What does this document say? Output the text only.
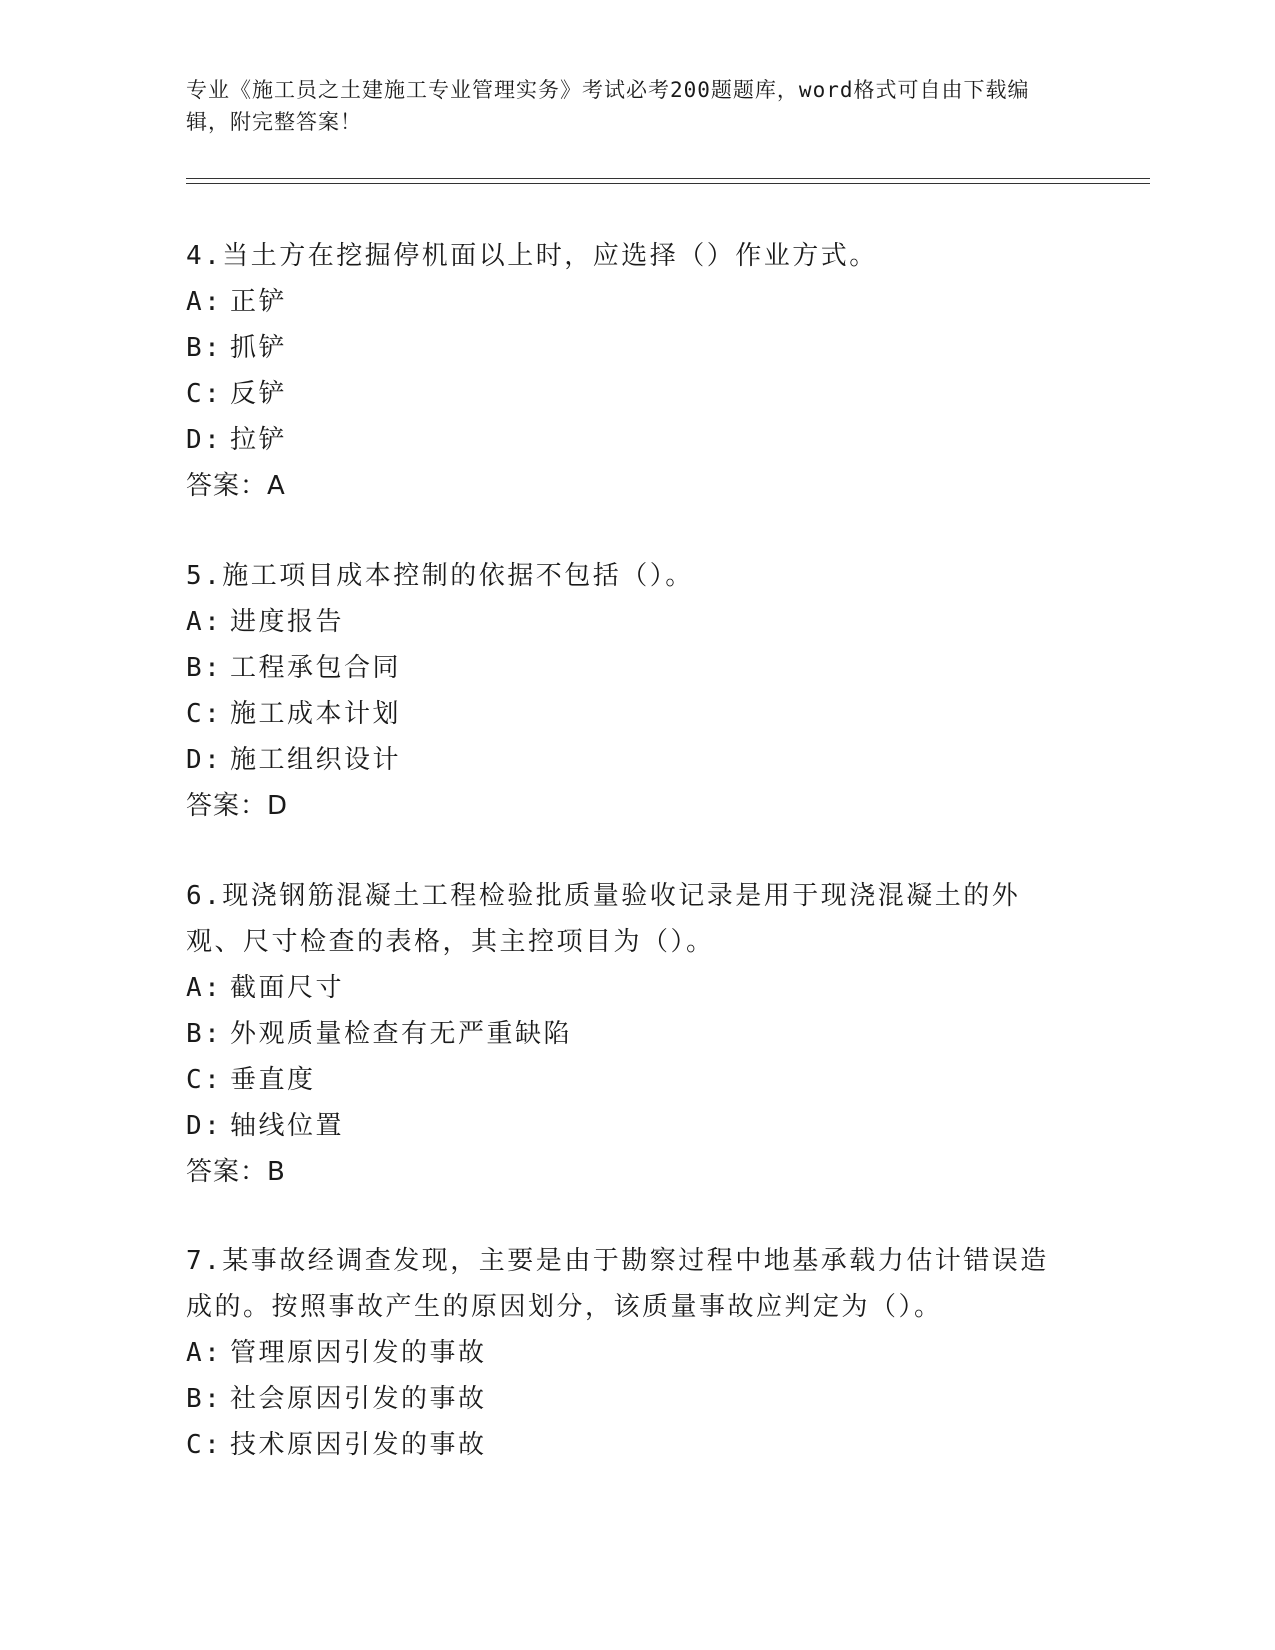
专业《施工员之土建施工专业管理实务》考试必考200题题库，word格式可自由下载编辑，附完整答案！

4.当土方在挖掘停机面以上时，应选择（）作业方式。

A: 正铲

B: 抓铲

C: 反铲

D: 拉铲

答案：A

5.施工项目成本控制的依据不包括（）。

A: 进度报告

B: 工程承包合同

C: 施工成本计划

D: 施工组织设计

答案：D

6.现浇钢筋混凝土工程检验批质量验收记录是用于现浇混凝土的外观、尺寸检查的表格，其主控项目为（）。

A: 截面尺寸

B: 外观质量检查有无严重缺陷

C: 垂直度

D: 轴线位置

答案：B

7.某事故经调查发现，主要是由于勘察过程中地基承载力估计错误造成的。按照事故产生的原因划分，该质量事故应判定为（）。

A: 管理原因引发的事故

B: 社会原因引发的事故

C: 技术原因引发的事故
